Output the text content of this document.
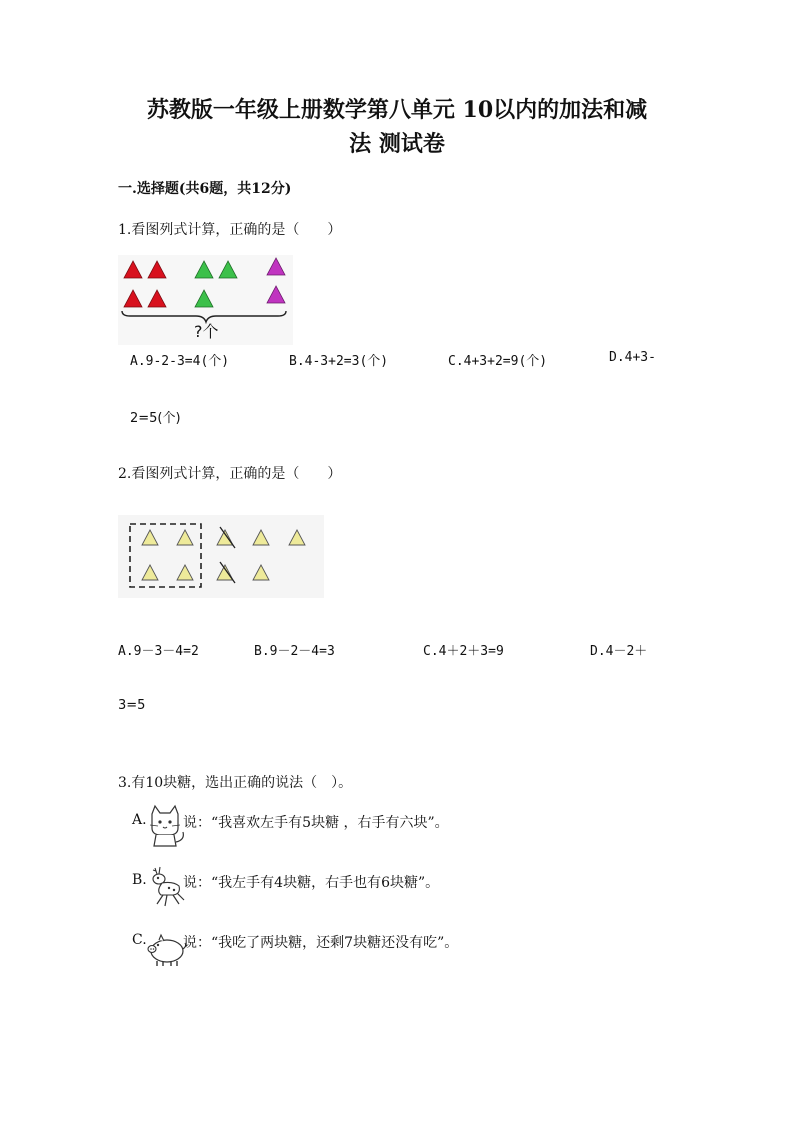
苏教版一年级上册数学第八单元 10以内的加法和减
法 测试卷
一.选择题(共6题，共12分)
1.看图列式计算，正确的是（　　）
?个
A.9-2-3=4(个)	B.4-3+2=3(个)	C.4+3+2=9(个)	D.4+3-
2=5(个)
2.看图列式计算，正确的是（　　）
A.9－3－4=2	B.9－2－4=3	C.4＋2＋3=9	D.4－2＋
3=5
3.有10块糖，选出正确的说法（　）。
A.	说：“我喜欢左手有5块糖 ，右手有六块”。
B.	说：“我左手有4块糖，右手也有6块糖”。
C.	说：“我吃了两块糖，还剩7块糖还没有吃”。
